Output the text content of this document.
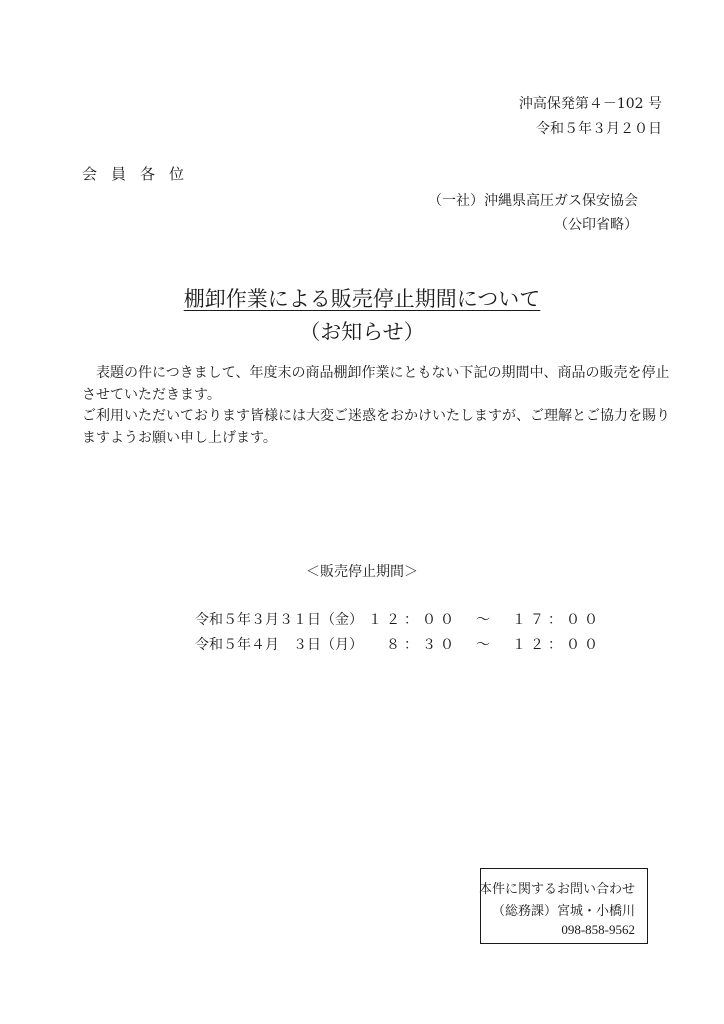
沖高保発第４－102 号
令和５年３月２０日
会員各位
（一社）沖縄県高圧ガス保安協会
（公印省略）
棚卸作業による販売停止期間について
（お知らせ）

表題の件につきまして、年度末の商品棚卸作業にともない下記の期間中、商品の販売を停止

させていただきます。

ご利用いただいております皆様には大変ご迷惑をおかけいたしますが、ご理解とご協力を賜り

ますようお願い申し上げます。

＜販売停止期間＞
令和５年３月３１日（金） １２：００　～　１７：００
令和５年４月　３日（月）　８：３０　～　１２：００
本件に関するお問い合わせ
（総務課）宮城・小橋川
098-858-9562
